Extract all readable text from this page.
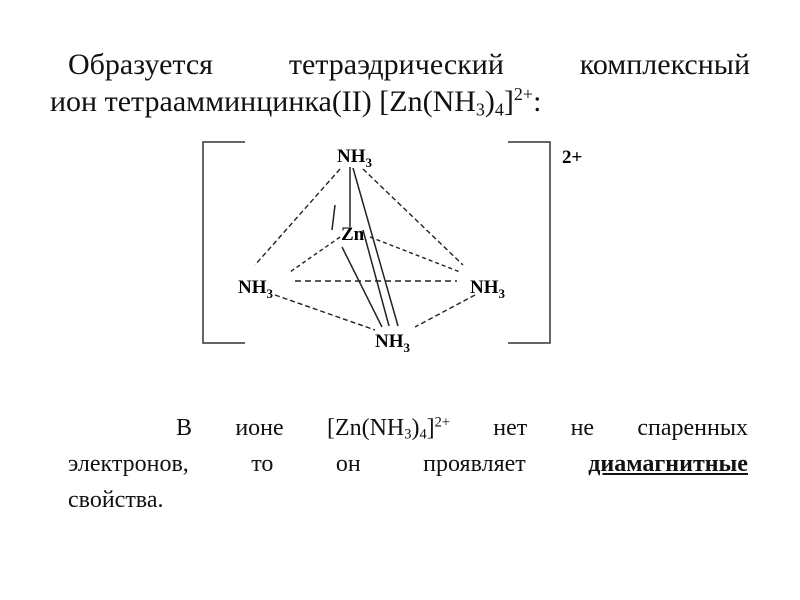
Образуется	тетраэдрический	комплексный
ион тетраамминцинка(II) $[Zn(NH_3)_4]^{2+}$:
$NH_3$
Zn
$NH_3$	$NH_3$
$NH_3$
2+
В ионе $[Zn(NH_3)_4]^{2+}$ нет не спаренных
электронов,	то	он	проявляет	диамагнитные
свойства.
